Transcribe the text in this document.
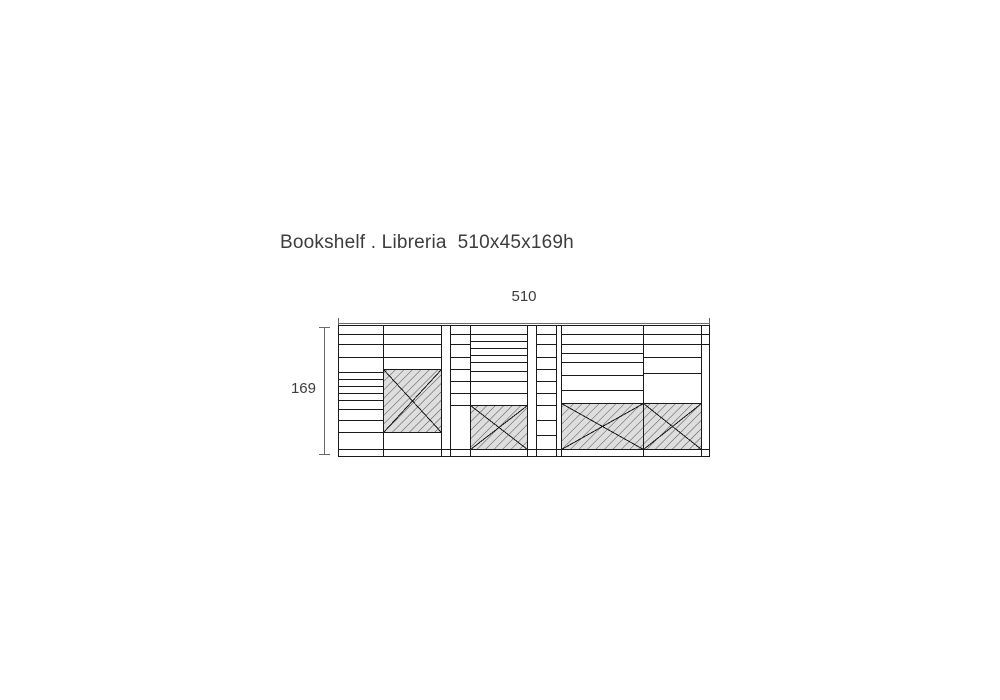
Bookshelf . Libreria  510x45x169h
510
169
